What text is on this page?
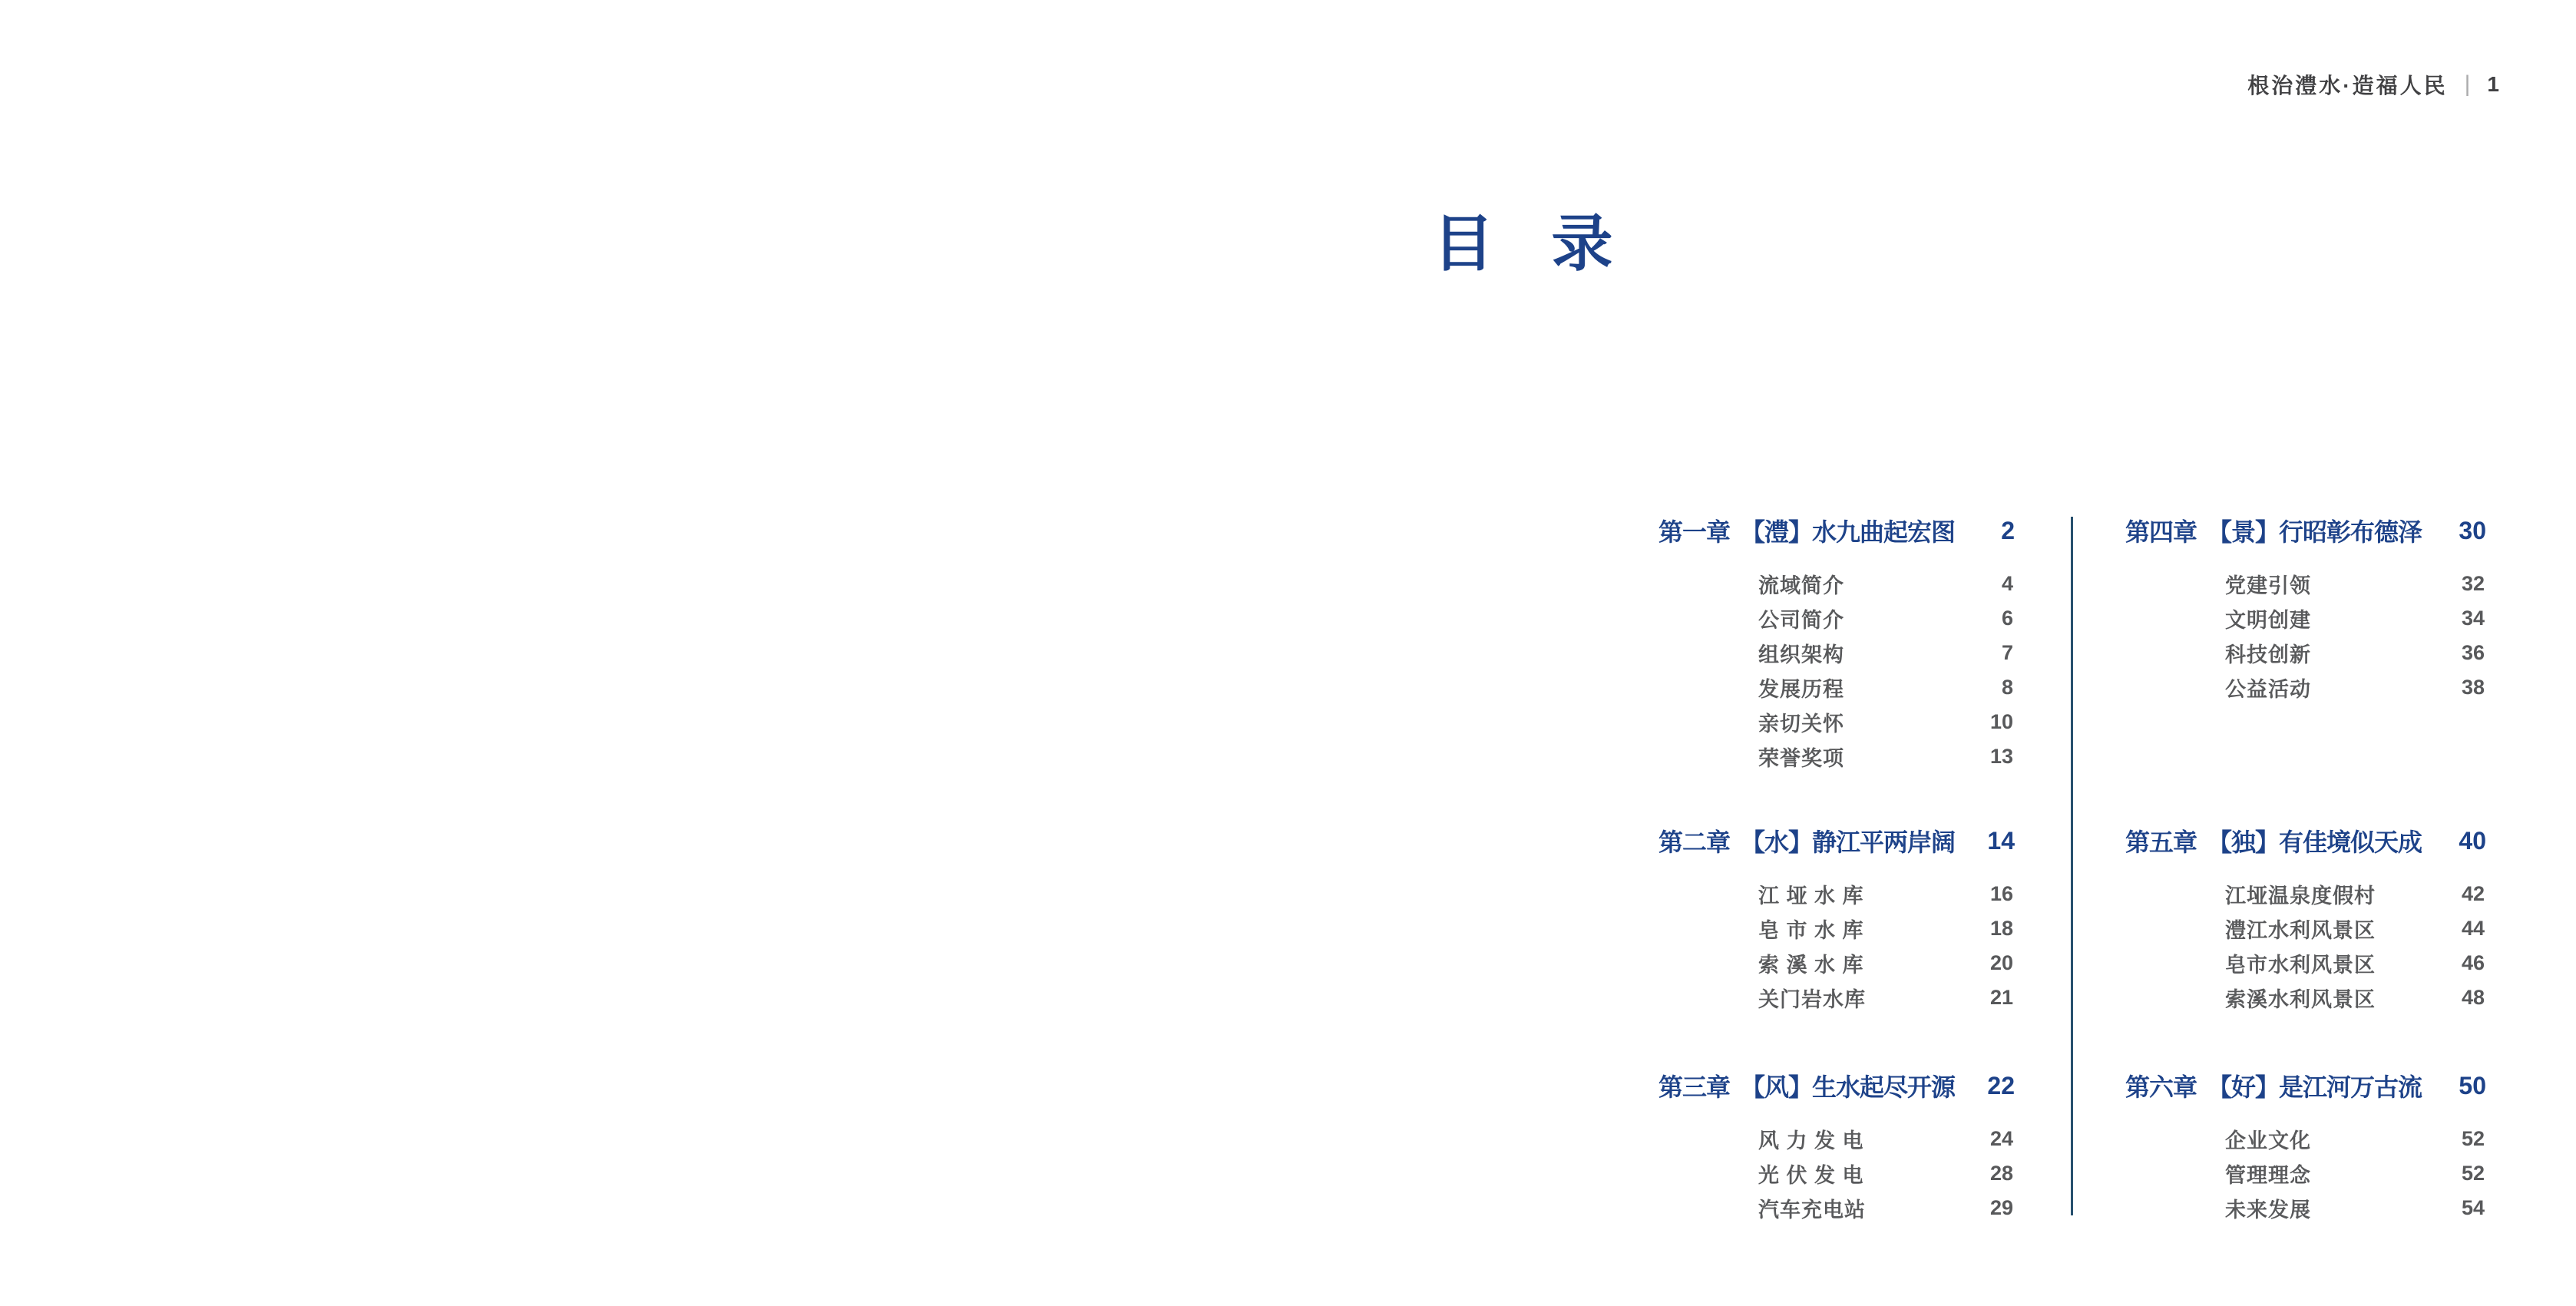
根治澧水·造福人民 | 1
目  录
第一章 【澧】水九曲起宏图	2
流域简介	4
公司简介	6
组织架构	7
发展历程	8
亲切关怀	10
荣誉奖项	13
第二章 【水】静江平两岸阔	14
江 垭 水 库	16
皂 市 水 库	18
索 溪 水 库	20
关门岩水库	21
第三章 【风】生水起尽开源	22
风 力 发 电	24
光 伏 发 电	28
汽车充电站	29
第四章 【景】行昭彰布德泽	30
党建引领	32
文明创建	34
科技创新	36
公益活动	38
第五章 【独】有佳境似天成	40
江垭温泉度假村	42
澧江水利风景区	44
皂市水利风景区	46
索溪水利风景区	48
第六章 【好】是江河万古流	50
企业文化	52
管理理念	52
未来发展	54
